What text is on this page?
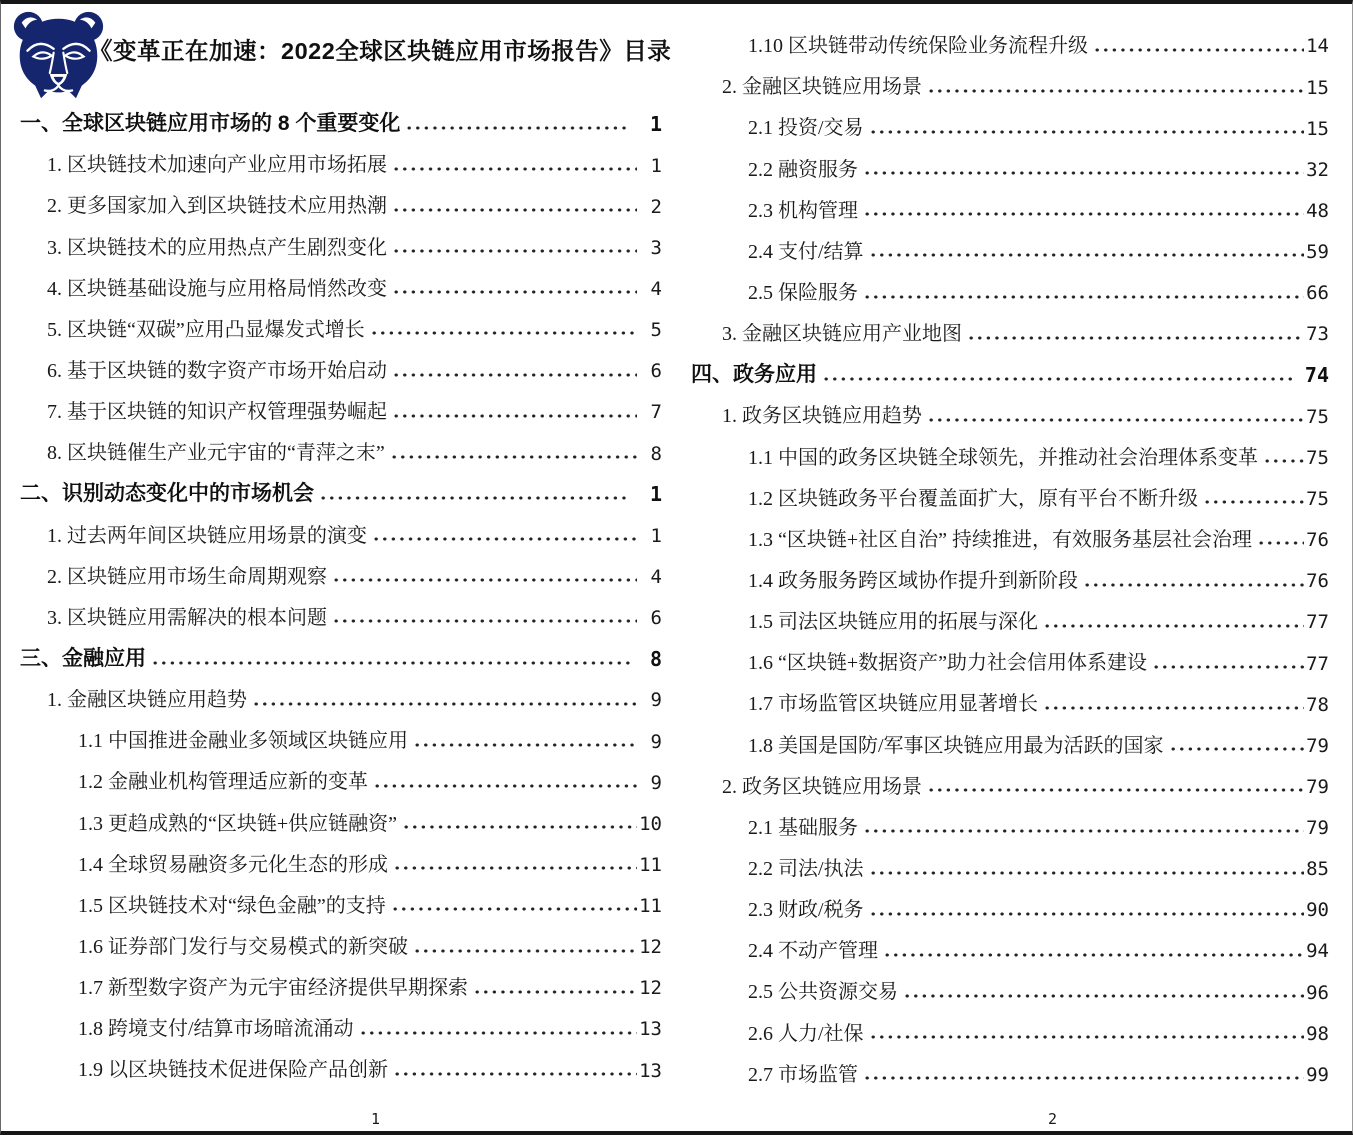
《变革正在加速：2022全球区块链应用市场报告》目录
一、全球区块链应用市场的 8 个重要变化	1
1. 区块链技术加速向产业应用市场拓展	1
2. 更多国家加入到区块链技术应用热潮	2
3. 区块链技术的应用热点产生剧烈变化	3
4. 区块链基础设施与应用格局悄然改变	4
5. 区块链“双碳”应用凸显爆发式增长	5
6. 基于区块链的数字资产市场开始启动	6
7. 基于区块链的知识产权管理强势崛起	7
8. 区块链催生产业元宇宙的“青萍之末”	8
二、识别动态变化中的市场机会	1
1. 过去两年间区块链应用场景的演变	1
2. 区块链应用市场生命周期观察	4
3. 区块链应用需解决的根本问题	6
三、金融应用	8
1. 金融区块链应用趋势	9
1.1 中国推进金融业多领域区块链应用	9
1.2 金融业机构管理适应新的变革	9
1.3 更趋成熟的“区块链+供应链融资”	10
1.4 全球贸易融资多元化生态的形成	11
1.5 区块链技术对“绿色金融”的支持	11
1.6 证券部门发行与交易模式的新突破	12
1.7 新型数字资产为元宇宙经济提供早期探索	12
1.8 跨境支付/结算市场暗流涌动	13
1.9 以区块链技术促进保险产品创新	13
1
1.10 区块链带动传统保险业务流程升级	14
2. 金融区块链应用场景	15
2.1 投资/交易	15
2.2 融资服务	32
2.3 机构管理	48
2.4 支付/结算	59
2.5 保险服务	66
3. 金融区块链应用产业地图	73
四、政务应用	74
1. 政务区块链应用趋势	75
1.1 中国的政务区块链全球领先，并推动社会治理体系变革	75
1.2 区块链政务平台覆盖面扩大，原有平台不断升级	75
1.3 “区块链+社区自治” 持续推进，有效服务基层社会治理	76
1.4 政务服务跨区域协作提升到新阶段	76
1.5 司法区块链应用的拓展与深化	77
1.6 “区块链+数据资产”助力社会信用体系建设	77
1.7 市场监管区块链应用显著增长	78
1.8 美国是国防/军事区块链应用最为活跃的国家	79
2. 政务区块链应用场景	79
2.1 基础服务	79
2.2 司法/执法	85
2.3 财政/税务	90
2.4 不动产管理	94
2.5 公共资源交易	96
2.6 人力/社保	98
2.7 市场监管	99
2
